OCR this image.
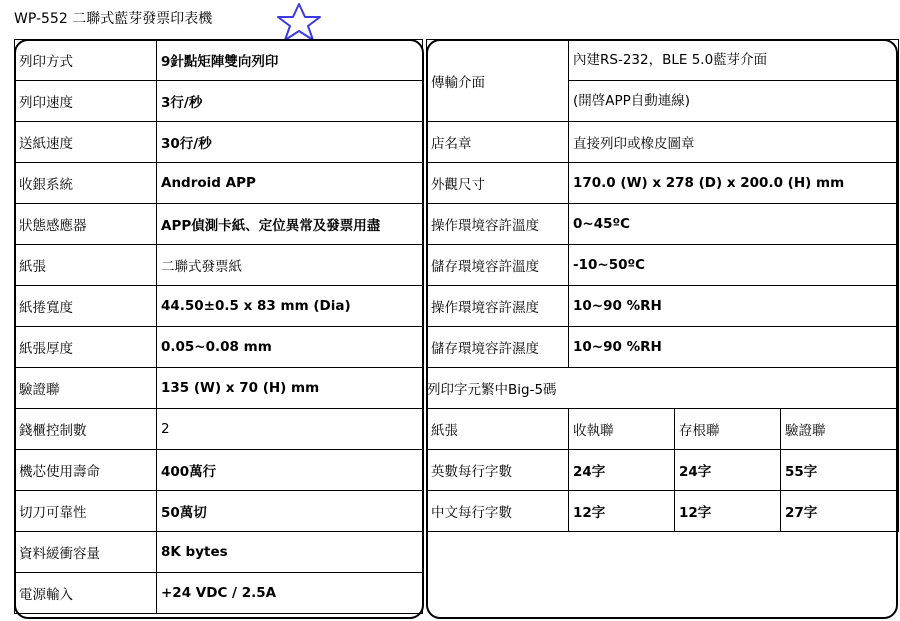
WP-552 二聯式藍芽發票印表機
列印方式	9針點矩陣雙向列印
列印速度	3行/秒
送紙速度	30行/秒
收銀系統	Android APP
狀態感應器	APP偵測卡紙、定位異常及發票用盡
紙張	二聯式發票紙
紙捲寬度	44.50±0.5 x 83 mm (Dia)
紙張厚度	0.05~0.08 mm
驗證聯	135 (W) x 70 (H) mm
錢櫃控制數	2
機芯使用壽命	400萬行
切刀可靠性	50萬切
資料緩衝容量	8K bytes
電源輸入	+24 VDC / 2.5A
傳輸介面	內建RS-232，BLE 5.0藍芽介面		

	(開啓APP自動連線)		

店名章	直接列印或橡皮圖章		
外觀尺寸	170.0 (W) x 278 (D) x 200.0 (H) mm		
操作環境容許溫度	0~45ºC		
儲存環境容許溫度	-10~50ºC		
操作環境容許濕度	10~90 %RH		
儲存環境容許濕度	10~90 %RH		
列印字元繁中Big-5碼			
紙張	收執聯	存根聯	驗證聯
英數每行字數	24字	24字	55字
中文每行字數	12字	12字	27字
